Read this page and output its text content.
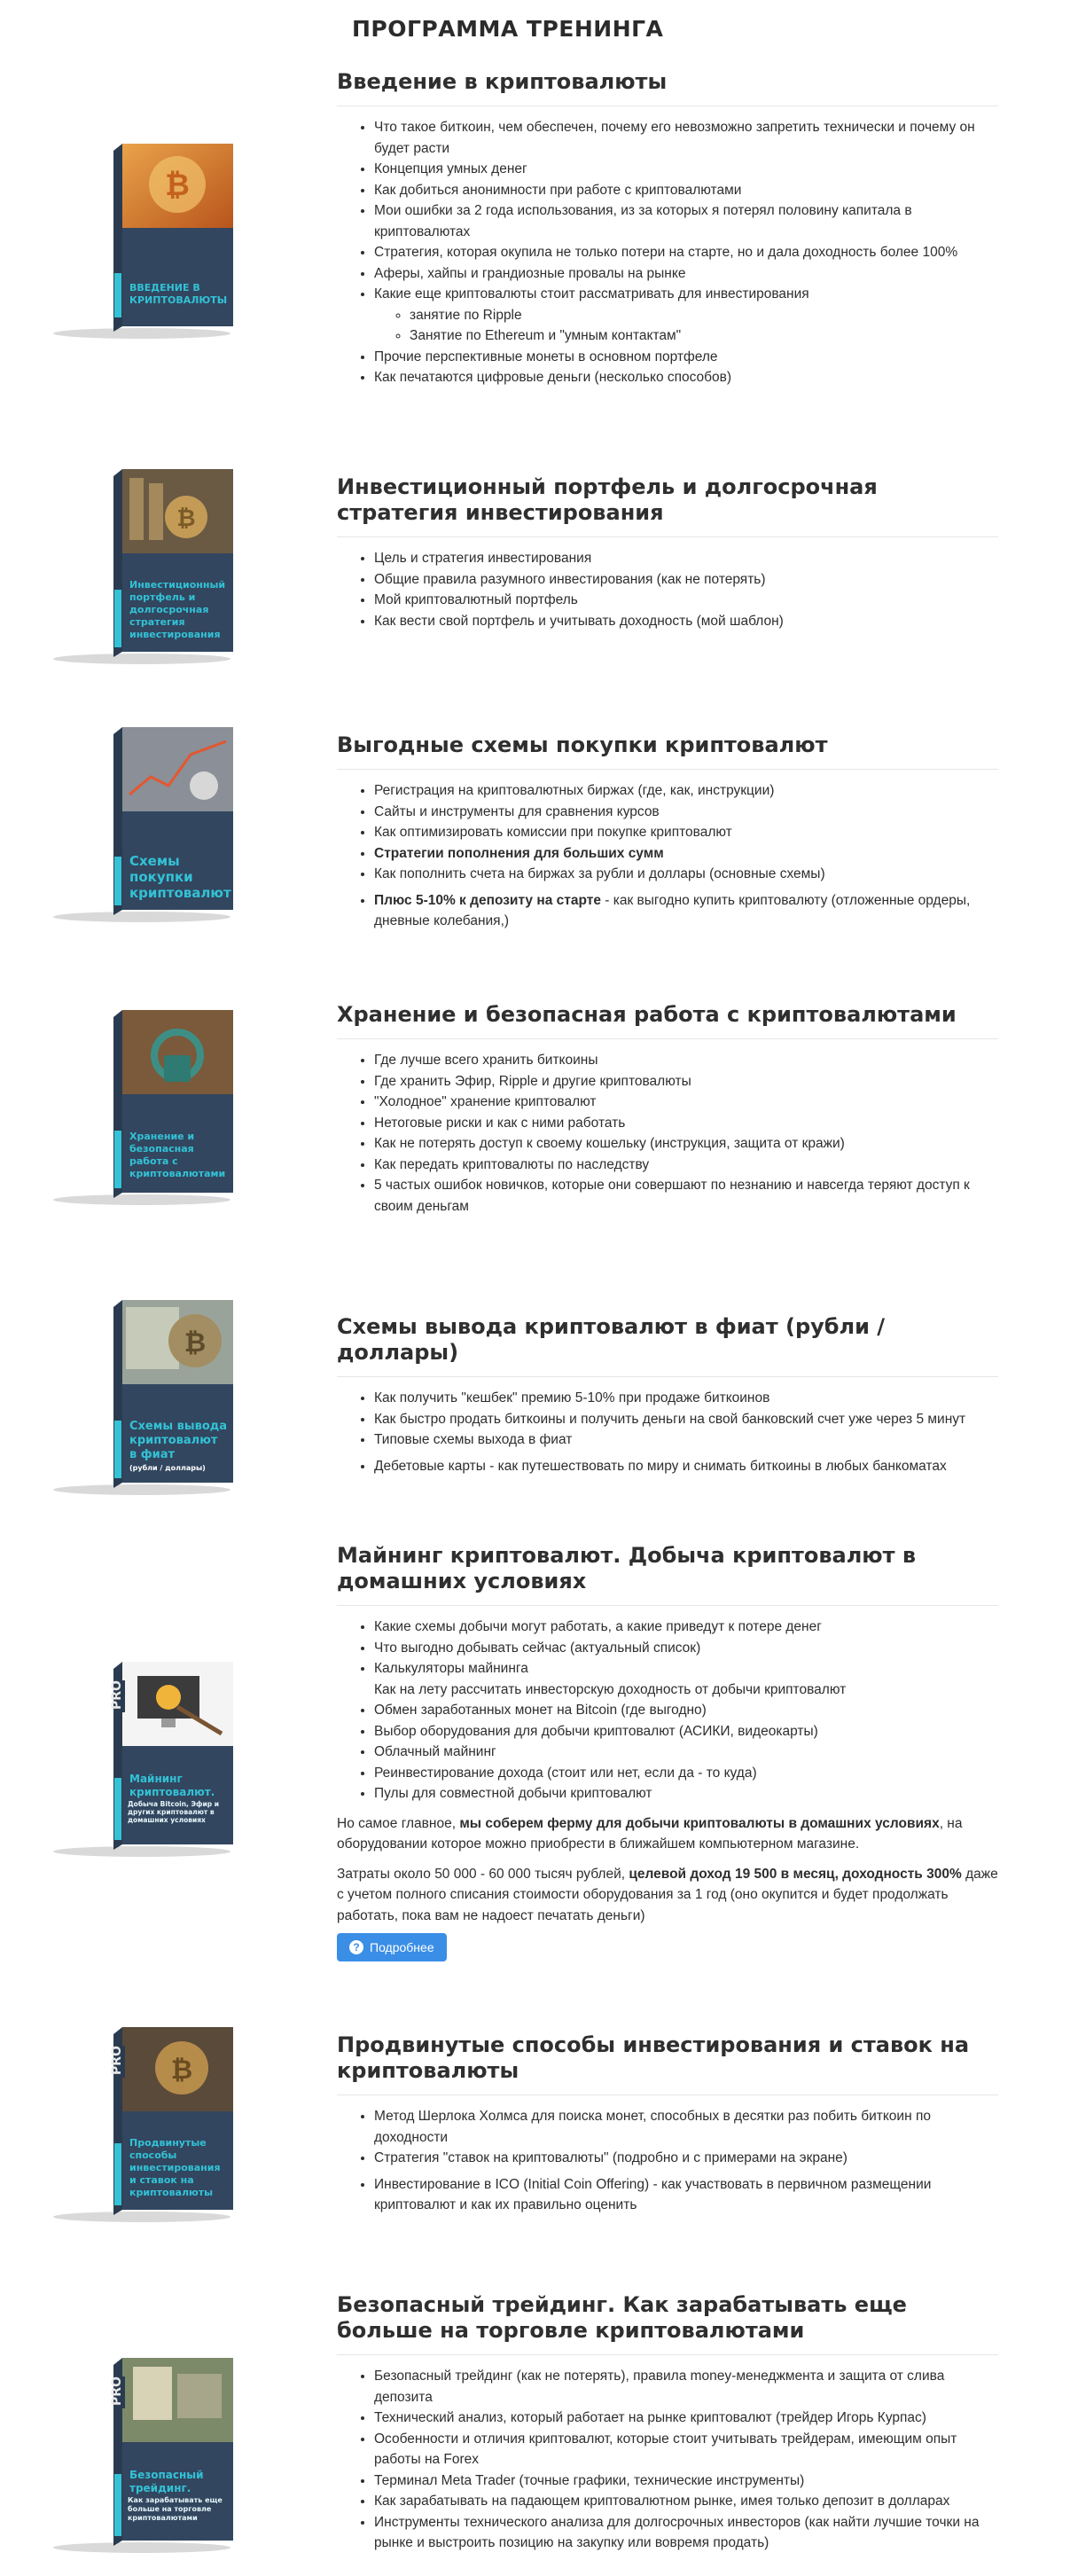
ПРОГРАММА ТРЕНИНГА
₿
ВВЕДЕНИЕ В
КРИПТОВАЛЮТЫ
Введение в криптовалюты
• Что такое биткоин, чем обеспечен, почему его невозможно запретить технически и почему он будет расти
• Концепция умных денег
• Как добиться анонимности при работе с криптовалютами
• Мои ошибки за 2 года использования, из за которых я потерял половину капитала в криптовалютах
• Стратегия, которая окупила не только потери на старте, но и дала доходность более 100%
• Аферы, хайпы и грандиозные провалы на рынке
• Какие еще криптовалюты стоит рассматривать для инвестирования
◦ занятие по Ripple
◦ Занятие по Ethereum и "умным контактам"
• Прочие перспективные монеты в основном портфеле
• Как печатаются цифровые деньги (несколько способов)
₿
Инвестиционный
портфель и
долгосрочная
стратегия
инвестирования
Инвестиционный портфель и долгосрочная стратегия инвестирования
• Цель и стратегия инвестирования
• Общие правила разумного инвестирования (как не потерять)
• Мой криптовалютный портфель
• Как вести свой портфель и учитывать доходность (мой шаблон)
Схемы
покупки
криптовалют
Выгодные схемы покупки криптовалют
• Регистрация на криптовалютных биржах (где, как, инструкции)
• Сайты и инструменты для сравнения курсов
• Как оптимизировать комиссии при покупке криптовалют
• Стратегии пополнения для больших сумм
• Как пополнить счета на биржах за рубли и доллары (основные схемы)
• Плюс 5-10% к депозиту на старте - как выгодно купить криптовалюту (отложенные ордеры, дневные колебания,)
Хранение и
безопасная
работа с
криптовалютами
Хранение и безопасная работа с криптовалютами
• Где лучше всего хранить биткоины
• Где хранить Эфир, Ripple и другие криптовалюты
• "Холодное" хранение криптовалют
• Нетоговые риски и как с ними работать
• Как не потерять доступ к своему кошельку (инструкция, защита от кражи)
• Как передать криптовалюты по наследству
• 5 частых ошибок новичков, которые они совершают по незнанию и навсегда теряют доступ к своим деньгам
₿
Схемы вывода
криптовалют
в фиат
(рубли / доллары)
Схемы вывода криптовалют в фиат (рубли / доллары)
• Как получить "кешбек" премию 5-10% при продаже биткоинов
• Как быстро продать биткоины и получить деньги на свой банковский счет уже через 5 минут
• Типовые схемы выхода в фиат
• Дебетовые карты - как путешествовать по миру и снимать биткоины в любых банкоматах
PRO
Майнинг
криптовалют.
Добыча Bitcoin, Эфир и других криптовалют в домашних условиях
Майнинг криптовалют. Добыча криптовалют в домашних условиях
• Какие схемы добычи могут работать, а какие приведут к потере денег
• Что выгодно добывать сейчас (актуальный список)
• Калькуляторы майнинга
Как на лету рассчитать инвесторскую доходность от добычи криптовалют
• Обмен заработанных монет на Bitcoin (где выгодно)
• Выбор оборудования для добычи криптовалют (АСИКИ, видеокарты)
• Облачный майнинг
• Реинвестирование дохода (стоит или нет, если да - то куда)
• Пулы для совместной добычи криптовалют

Но самое главное, мы соберем ферму для добычи криптовалюты в домашних условиях, на оборудовании которое можно приобрести в ближайшем компьютерном магазине.

Затраты около 50 000 - 60 000 тысяч рублей, целевой доход 19 500 в месяц, доходность 300% даже с учетом полного списания стоимости оборудования за 1 год (оно окупится и будет продолжать работать, пока вам не надоест печатать деньги)

? Подробнее
₿
PRO
Продвинутые
способы
инвестирования
и ставок на
криптовалюты
Продвинутые способы инвестирования и ставок на криптовалюты
• Метод Шерлока Холмса для поиска монет, способных в десятки раз побить биткоин по доходности
• Стратегия "ставок на криптовалюты" (подробно и с примерами на экране)
• Инвестирование в ICO (Initial Coin Offering) - как участвовать в первичном размещении криптовалют и как их правильно оценить
PRO
Безопасный
трейдинг.
Как зарабатывать еще больше на торговле криптовалютами
Безопасный трейдинг. Как зарабатывать еще больше на торговле криптовалютами
• Безопасный трейдинг (как не потерять), правила money-менеджмента и защита от слива депозита
• Технический анализ, который работает на рынке криптовалют (трейдер Игорь Курпас)
• Особенности и отличия криптовалют, которые стоит учитывать трейдерам, имеющим опыт работы на Forex
• Терминал Meta Trader (точные графики, технические инструменты)
• Как зарабатывать на падающем криптовалютном рынке, имея только депозит в долларах
• Инструменты технического анализа для долгосрочных инвесторов (как найти лучшие точки на рынке и выстроить позицию на закупку или вовремя продать)
